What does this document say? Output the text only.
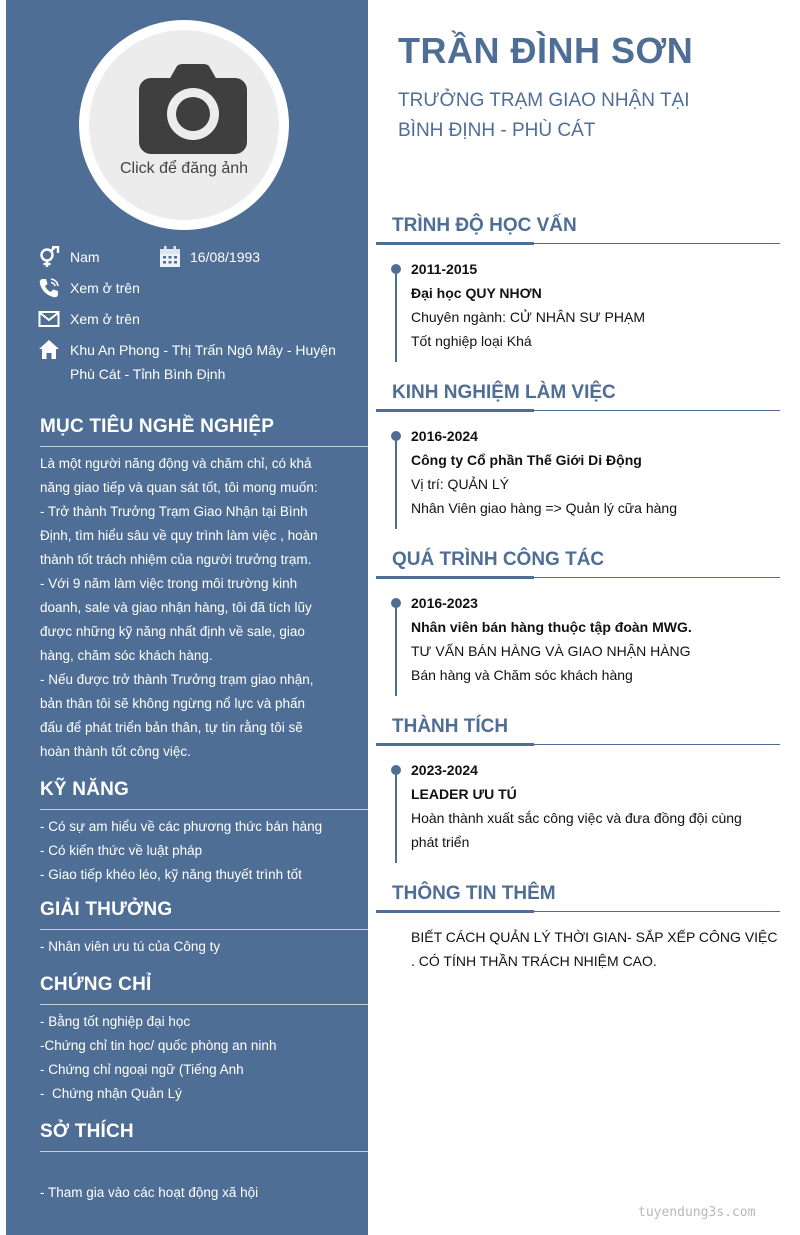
Click để đăng ảnh
Nam	16/08/1993
Xem ở trên
Xem ở trên
Khu An Phong - Thị Trấn Ngô Mây - Huyện
Phù Cát - Tỉnh Bình Định
MỤC TIÊU NGHỀ NGHIỆP
Là một người năng động và chăm chỉ, có khả
năng giao tiếp và quan sát tốt, tôi mong muốn:
- Trở thành Trưởng Trạm Giao Nhận tại Bình
Định, tìm hiểu sâu về quy trình làm việc , hoàn
thành tốt trách nhiệm của người trưởng trạm.
- Với 9 năm làm việc trong môi trường kinh
doanh, sale và giao nhận hàng, tôi đã tích lũy
được những kỹ năng nhất định về sale, giao
hàng, chăm sóc khách hàng.
- Nếu được trở thành Trưởng trạm giao nhận,
bản thân tôi sẽ không ngừng nổ lực và phấn
đấu để phát triển bản thân, tự tin rằng tôi sẽ
hoàn thành tốt công việc.
KỸ NĂNG
- Có sự am hiểu về các phương thức bán hàng
- Có kiến thức về luật pháp
- Giao tiếp khéo léo, kỹ năng thuyết trình tốt
GIẢI THƯỞNG
- Nhân viên ưu tú của Công ty
CHỨNG CHỈ
- Bằng tốt nghiệp đại học
-Chứng chỉ tin học/ quốc phòng an ninh
- Chứng chỉ ngoại ngữ (Tiếng Anh
-  Chứng nhận Quản Lý
SỞ THÍCH
- Tham gia vào các hoạt động xã hội
TRẦN ĐÌNH SƠN
TRƯỞNG TRẠM GIAO NHẬN TẠI
BÌNH ĐỊNH - PHÙ CÁT
TRÌNH ĐỘ HỌC VẤN
2011-2015
Đại học QUY NHƠN
Chuyên ngành: CỬ NHÂN SƯ PHẠM
Tốt nghiệp loại Khá
KINH NGHIỆM LÀM VIỆC
2016-2024
Công ty Cổ phần Thế Giới Di Động
Vị trí: QUẢN LÝ
Nhân Viên giao hàng => Quản lý cữa hàng
QUÁ TRÌNH CÔNG TÁC
2016-2023
Nhân viên bán hàng thuộc tập đoàn MWG.
TƯ VẤN BÁN HÀNG VÀ GIAO NHẬN HÀNG
Bán hàng và Chăm sóc khách hàng
THÀNH TÍCH
2023-2024
LEADER ƯU TÚ
Hoàn thành xuất sắc công việc và đưa đồng đội cùng
phát triển
THÔNG TIN THÊM
BIẾT CÁCH QUẢN LÝ THỜI GIAN- SẮP XẾP CÔNG VIỆC
. CÓ TÍNH THẦN TRÁCH NHIỆM CAO.
tuyendung3s.com
